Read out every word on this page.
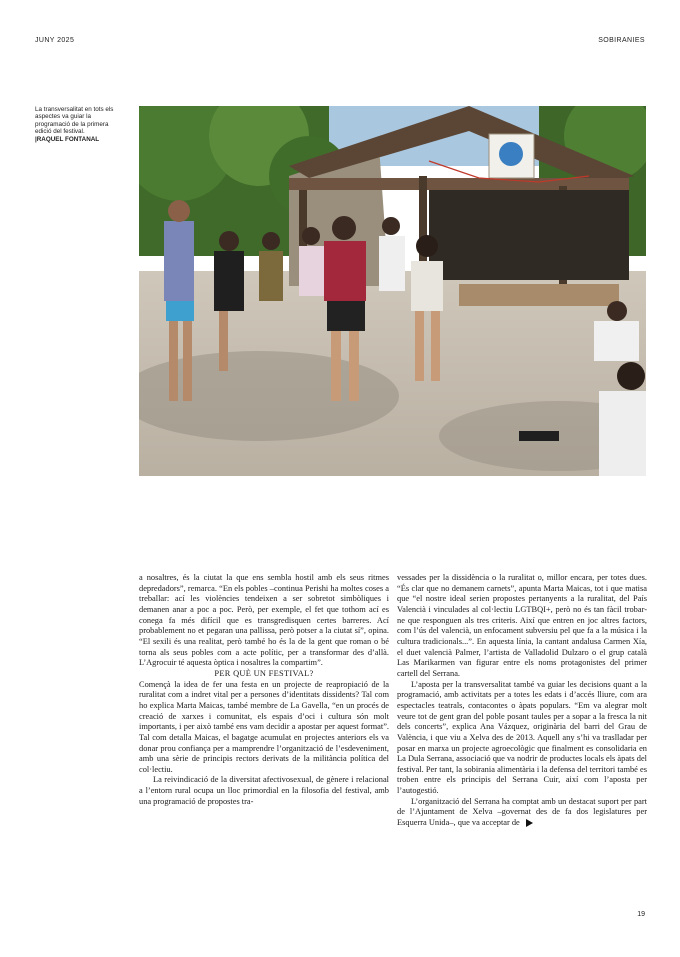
JUNY 2025	SOBIRANIES
La transversalitat en tots els aspectes va guiar la programació de la primera edició del festival.
|RAQUEL FONTANAL

a nosaltres, és la ciutat la que ens sembla hostil amb els seus ritmes depredadors”, remarca. “En els pobles –continua Perishi ha moltes coses a treballar: ací les violències tendeixen a ser sobretot simbòliques i demanen anar a poc a poc. Però, per exemple, el fet que tothom ací es conega fa més difícil que es transgredisquen certes barreres. Ací probablement no et pegaran una pallissa, però potser a la ciutat sí”, opina. “El sexili és una realitat, però també ho és la de la gent que roman o bé torna als seus pobles com a acte polític, per a transformar des d’allà. L’Agrocuir té aquesta òptica i nosaltres la compartim”.

PER QUÈ UN FESTIVAL?

Començà la idea de fer una festa en un projecte de reapropiació de la ruralitat com a indret vital per a persones d’identitats dissidents? Tal com ho explica Marta Maicas, també membre de La Gavella, “en un procés de creació de xarxes i comunitat, els espais d’oci i cultura són molt importants, i per això també ens vam decidir a apostar per aquest format”. Tal com detalla Maicas, el bagatge acumulat en projectes anteriors els va donar prou confiança per a mamprendre l’organització de l’esdeveniment, amb una sèrie de principis rectors derivats de la militància política del col·lectiu.

La reivindicació de la diversitat afectivosexual, de gènere i relacional a l’entorn rural ocupa un lloc primordial en la filosofia del festival, amb una programació de propostes tra-

vessades per la dissidència o la ruralitat o, millor encara, per totes dues. “És clar que no demanem carnets”, apunta Marta Maicas, tot i que matisa que “el nostre ideal serien propostes pertanyents a la ruralitat, del País Valencià i vinculades al col·lectiu LGTBQI+, però no és tan fàcil trobar-ne que responguen als tres criteris. Així que entren en joc altres factors, com l’ús del valencià, un enfocament subversiu pel que fa a la música i la cultura tradicionals...”. En aquesta línia, la cantant andalusa Carmen Xía, el duet valencià Palmer, l’artista de Valladolid Dulzaro o el grup català Las Marikarmen van figurar entre els noms protagonistes del primer cartell del Serrana.

L’aposta per la transversalitat també va guiar les decisions quant a la programació, amb activitats per a totes les edats i d’accés lliure, com ara espectacles teatrals, contacontes o àpats populars. “Em va alegrar molt veure tot de gent gran del poble posant taules per a sopar a la fresca la nit dels concerts”, explica Ana Vázquez, originària del barri del Grau de València, i que viu a Xelva des de 2013. Aquell any s’hi va traslladar per posar en marxa un projecte agroecològic que finalment es consolidaria en La Dula Serrana, associació que va nodrir de productes locals els àpats del festival. Per tant, la sobirania alimentària i la defensa del territori també es troben entre els principis del Serrana Cuir, així com l’aposta per l’autogestió.

L’organització del Serrana ha comptat amb un destacat suport per part de l’Ajuntament de Xelva –governat des de fa dos legislatures per Esquerra Unida–, que va acceptar de

19
